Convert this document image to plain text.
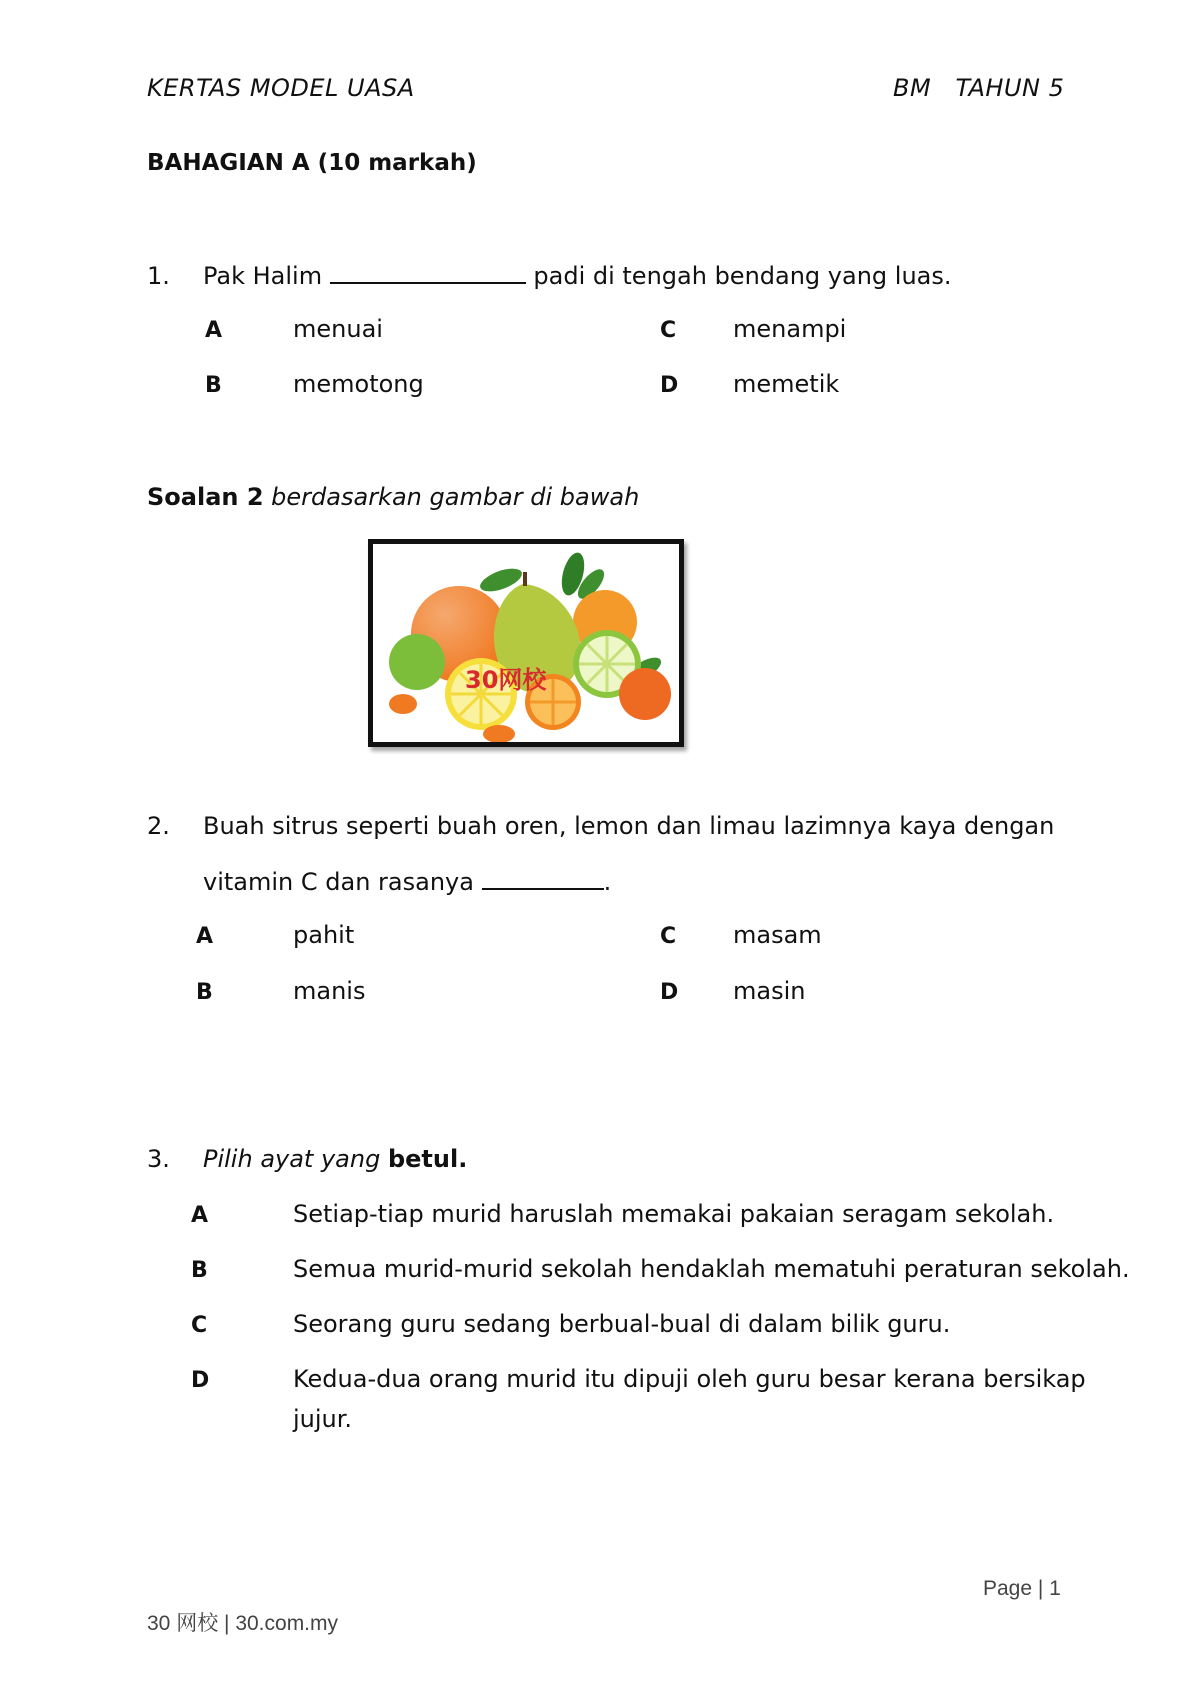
KERTAS MODEL UASA	BM   TAHUN 5
BAHAGIAN A (10 markah)
1. Pak Halim	padi di tengah bendang yang luas.
A	menuai
B	memotong
C menampi
D memetik
Soalan 2 berdasarkan gambar di bawah
30网校
2. Buah sitrus seperti buah oren, lemon dan limau lazimnya kaya dengan
vitamin C dan rasanya	.
A	pahit
B	manis
C masam
D masin
3. Pilih ayat yang betul.
A	Setiap-tiap murid haruslah memakai pakaian seragam sekolah.
B	Semua murid-murid sekolah hendaklah mematuhi peraturan sekolah.
C	Seorang guru sedang berbual-bual di dalam bilik guru.
D	Kedua-dua orang murid itu dipuji oleh guru besar kerana bersikap
jujur.
Page | 1
30 网校 | 30.com.my
